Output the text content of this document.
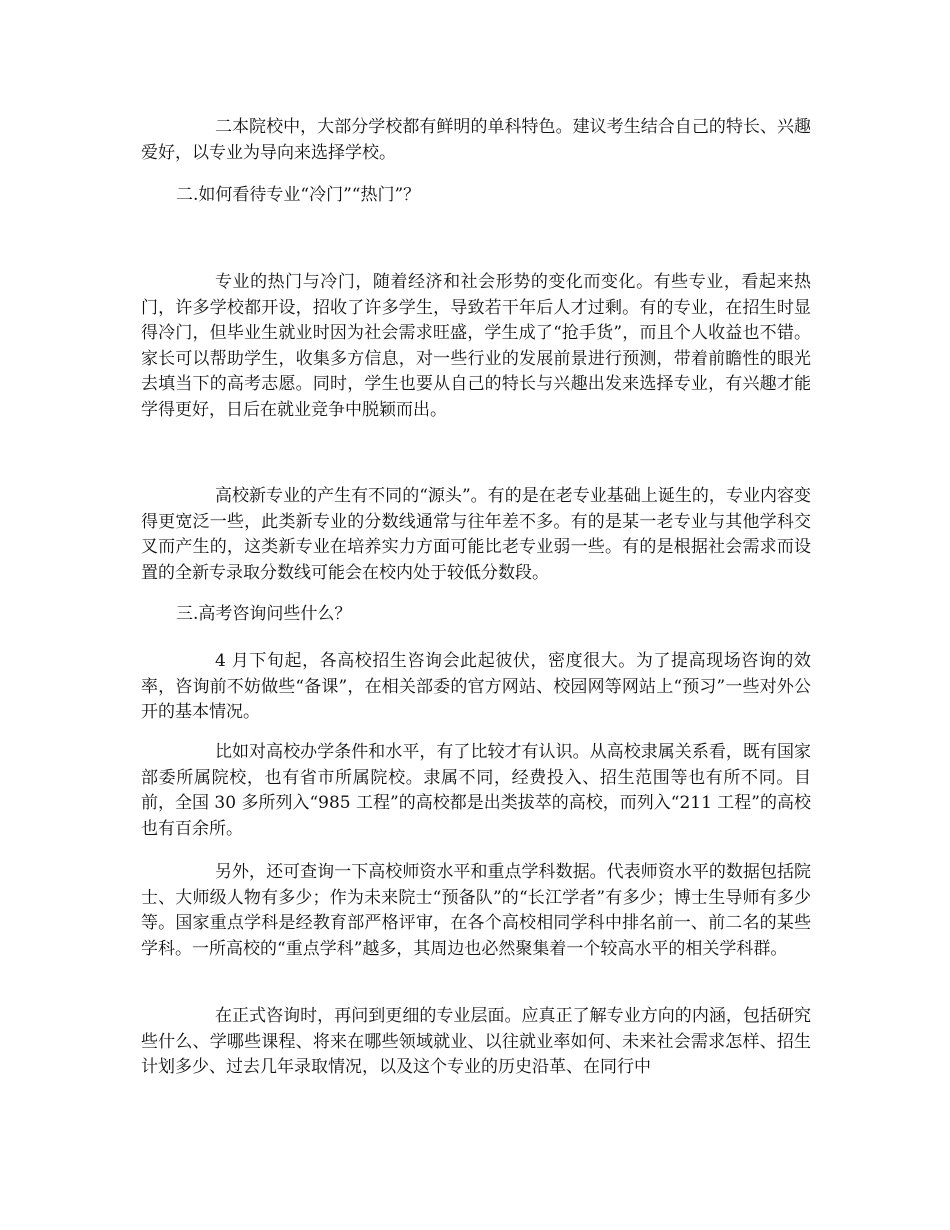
二本院校中，大部分学校都有鲜明的单科特色。建议考生结合自己的特长、兴趣爱好，以专业为导向来选择学校。

二.如何看待专业“冷门”“热门”？

专业的热门与冷门，随着经济和社会形势的变化而变化。有些专业，看起来热门，许多学校都开设，招收了许多学生，导致若干年后人才过剩。有的专业，在招生时显得冷门，但毕业生就业时因为社会需求旺盛，学生成了“抢手货”，而且个人收益也不错。家长可以帮助学生，收集多方信息，对一些行业的发展前景进行预测，带着前瞻性的眼光去填当下的高考志愿。同时，学生也要从自己的特长与兴趣出发来选择专业，有兴趣才能学得更好，日后在就业竞争中脱颖而出。

高校新专业的产生有不同的“源头”。有的是在老专业基础上诞生的，专业内容变得更宽泛一些，此类新专业的分数线通常与往年差不多。有的是某一老专业与其他学科交叉而产生的，这类新专业在培养实力方面可能比老专业弱一些。有的是根据社会需求而设置的全新专录取分数线可能会在校内处于较低分数段。

三.高考咨询问些什么？

4 月下旬起，各高校招生咨询会此起彼伏，密度很大。为了提高现场咨询的效率，咨询前不妨做些“备课”，在相关部委的官方网站、校园网等网站上“预习”一些对外公开的基本情况。

比如对高校办学条件和水平，有了比较才有认识。从高校隶属关系看，既有国家部委所属院校，也有省市所属院校。隶属不同，经费投入、招生范围等也有所不同。目前，全国 30 多所列入“985 工程”的高校都是出类拔萃的高校，而列入“211 工程”的高校也有百余所。

另外，还可查询一下高校师资水平和重点学科数据。代表师资水平的数据包括院士、大师级人物有多少；作为未来院士“预备队”的“长江学者”有多少；博士生导师有多少等。国家重点学科是经教育部严格评审，在各个高校相同学科中排名前一、前二名的某些学科。一所高校的“重点学科”越多，其周边也必然聚集着一个较高水平的相关学科群。

在正式咨询时，再问到更细的专业层面。应真正了解专业方向的内涵，包括研究些什么、学哪些课程、将来在哪些领域就业、以往就业率如何、未来社会需求怎样、招生计划多少、过去几年录取情况，以及这个专业的历史沿革、在同行中
